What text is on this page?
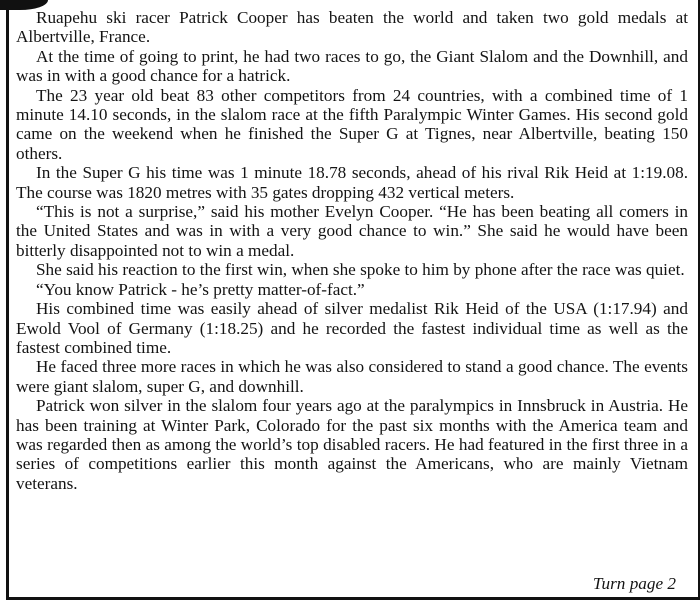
Ruapehu ski racer Patrick Cooper has beaten the world and taken two gold medals at Albertville, France.

At the time of going to print, he had two races to go, the Giant Slalom and the Downhill, and was in with a good chance for a hatrick.

The 23 year old beat 83 other competitors from 24 countries, with a combined time of 1 minute 14.10 seconds, in the slalom race at the fifth Paralympic Winter Games. His second gold came on the weekend when he finished the Super G at Tignes, near Albertville, beating 150 others.

In the Super G his time was 1 minute 18.78 seconds, ahead of his rival Rik Heid at 1:19.08. The course was 1820 metres with 35 gates dropping 432 vertical meters.

“This is not a surprise,” said his mother Evelyn Cooper. “He has been beating all comers in the United States and was in with a very good chance to win.” She said he would have been bitterly disappointed not to win a medal.

She said his reaction to the first win, when she spoke to him by phone after the race was quiet.

“You know Patrick - he’s pretty matter-of-fact.”

His combined time was easily ahead of silver medalist Rik Heid of the USA (1:17.94) and Ewold Vool of Germany (1:18.25) and he recorded the fastest individual time as well as the fastest combined time.

He faced three more races in which he was also considered to stand a good chance. The events were giant slalom, super G, and downhill.

Patrick won silver in the slalom four years ago at the paralympics in Innsbruck in Austria. He has been training at Winter Park, Colorado for the past six months with the America team and was regarded then as among the world’s top disabled racers. He had featured in the first three in a series of competitions earlier this month against the Americans, who are mainly Vietnam veterans.

Turn page 2
